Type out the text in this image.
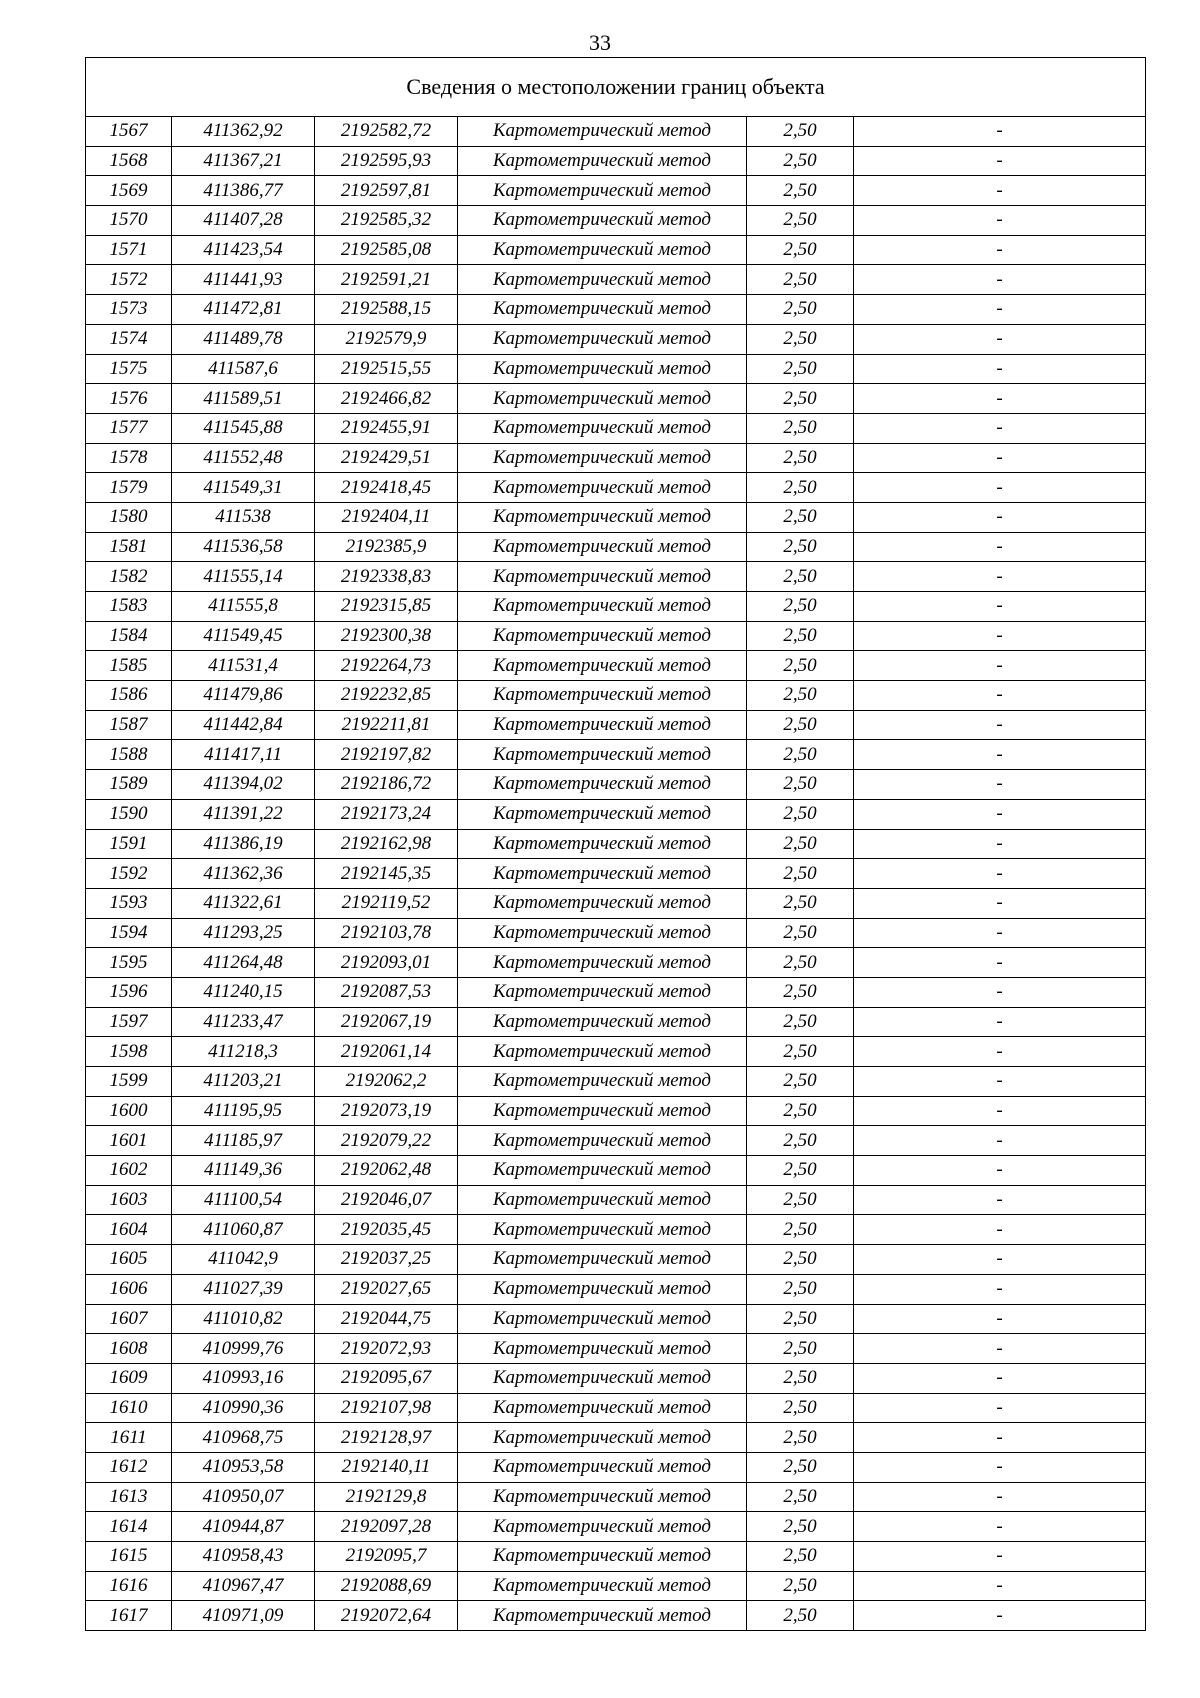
33
Сведения о местоположении границ объекта					
1567	411362,92	2192582,72	Картометрический метод	2,50	-
1568	411367,21	2192595,93	Картометрический метод	2,50	-
1569	411386,77	2192597,81	Картометрический метод	2,50	-
1570	411407,28	2192585,32	Картометрический метод	2,50	-
1571	411423,54	2192585,08	Картометрический метод	2,50	-
1572	411441,93	2192591,21	Картометрический метод	2,50	-
1573	411472,81	2192588,15	Картометрический метод	2,50	-
1574	411489,78	2192579,9	Картометрический метод	2,50	-
1575	411587,6	2192515,55	Картометрический метод	2,50	-
1576	411589,51	2192466,82	Картометрический метод	2,50	-
1577	411545,88	2192455,91	Картометрический метод	2,50	-
1578	411552,48	2192429,51	Картометрический метод	2,50	-
1579	411549,31	2192418,45	Картометрический метод	2,50	-
1580	411538	2192404,11	Картометрический метод	2,50	-
1581	411536,58	2192385,9	Картометрический метод	2,50	-
1582	411555,14	2192338,83	Картометрический метод	2,50	-
1583	411555,8	2192315,85	Картометрический метод	2,50	-
1584	411549,45	2192300,38	Картометрический метод	2,50	-
1585	411531,4	2192264,73	Картометрический метод	2,50	-
1586	411479,86	2192232,85	Картометрический метод	2,50	-
1587	411442,84	2192211,81	Картометрический метод	2,50	-
1588	411417,11	2192197,82	Картометрический метод	2,50	-
1589	411394,02	2192186,72	Картометрический метод	2,50	-
1590	411391,22	2192173,24	Картометрический метод	2,50	-
1591	411386,19	2192162,98	Картометрический метод	2,50	-
1592	411362,36	2192145,35	Картометрический метод	2,50	-
1593	411322,61	2192119,52	Картометрический метод	2,50	-
1594	411293,25	2192103,78	Картометрический метод	2,50	-
1595	411264,48	2192093,01	Картометрический метод	2,50	-
1596	411240,15	2192087,53	Картометрический метод	2,50	-
1597	411233,47	2192067,19	Картометрический метод	2,50	-
1598	411218,3	2192061,14	Картометрический метод	2,50	-
1599	411203,21	2192062,2	Картометрический метод	2,50	-
1600	411195,95	2192073,19	Картометрический метод	2,50	-
1601	411185,97	2192079,22	Картометрический метод	2,50	-
1602	411149,36	2192062,48	Картометрический метод	2,50	-
1603	411100,54	2192046,07	Картометрический метод	2,50	-
1604	411060,87	2192035,45	Картометрический метод	2,50	-
1605	411042,9	2192037,25	Картометрический метод	2,50	-
1606	411027,39	2192027,65	Картометрический метод	2,50	-
1607	411010,82	2192044,75	Картометрический метод	2,50	-
1608	410999,76	2192072,93	Картометрический метод	2,50	-
1609	410993,16	2192095,67	Картометрический метод	2,50	-
1610	410990,36	2192107,98	Картометрический метод	2,50	-
1611	410968,75	2192128,97	Картометрический метод	2,50	-
1612	410953,58	2192140,11	Картометрический метод	2,50	-
1613	410950,07	2192129,8	Картометрический метод	2,50	-
1614	410944,87	2192097,28	Картометрический метод	2,50	-
1615	410958,43	2192095,7	Картометрический метод	2,50	-
1616	410967,47	2192088,69	Картометрический метод	2,50	-
1617	410971,09	2192072,64	Картометрический метод	2,50	-
